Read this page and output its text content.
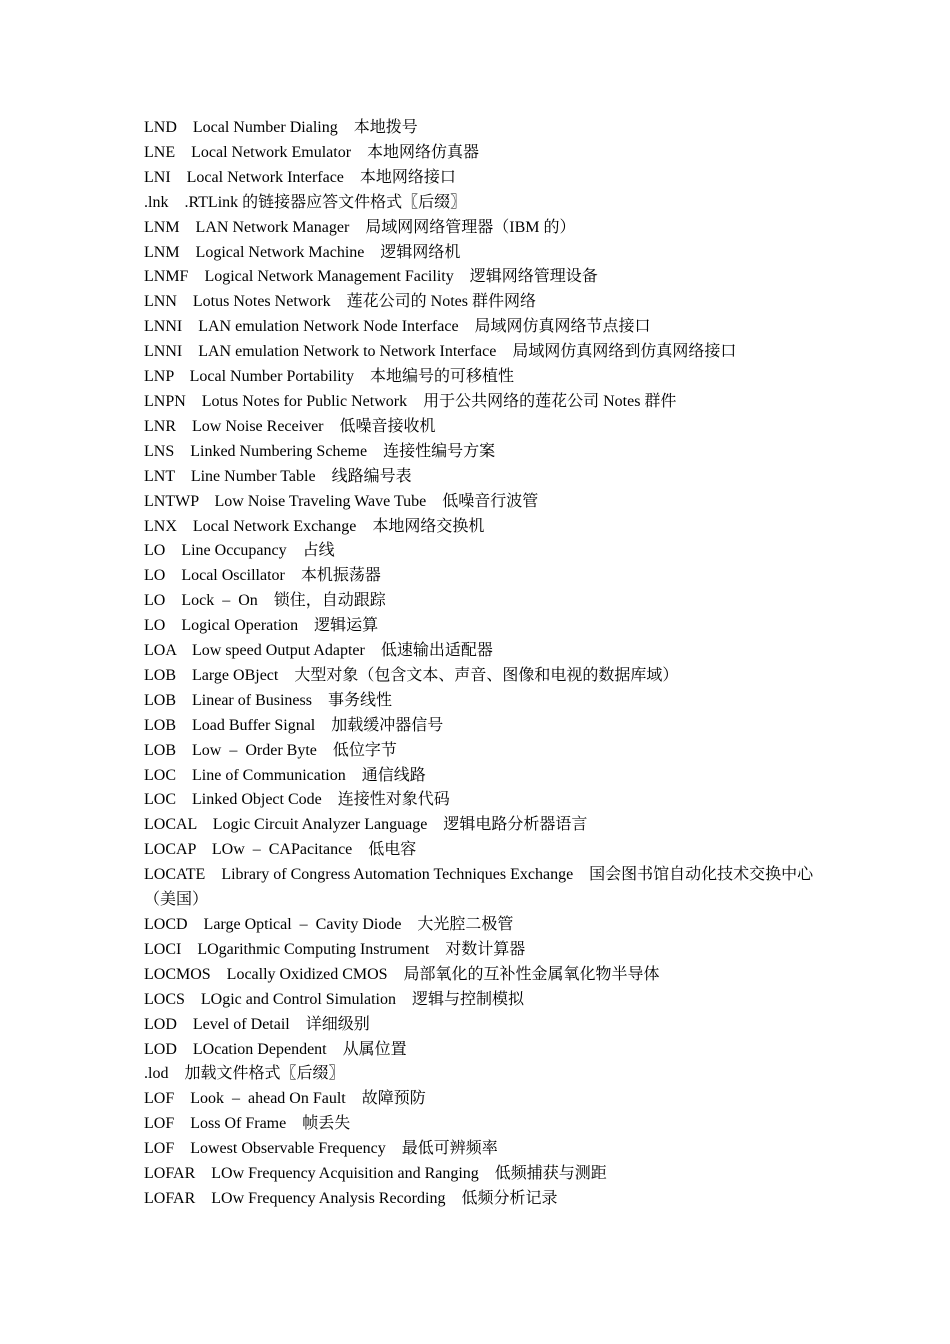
LND    Local Number Dialing    本地拨号
LNE    Local Network Emulator    本地网络仿真器
LNI    Local Network Interface    本地网络接口
.lnk    .RTLink 的链接器应答文件格式〖后缀〗
LNM    LAN Network Manager    局域网网络管理器（IBM 的）
LNM    Logical Network Machine    逻辑网络机
LNMF    Logical Network Management Facility    逻辑网络管理设备
LNN    Lotus Notes Network    莲花公司的 Notes 群件网络
LNNI    LAN emulation Network Node Interface    局域网仿真网络节点接口
LNNI    LAN emulation Network to Network Interface    局域网仿真网络到仿真网络接口
LNP    Local Number Portability    本地编号的可移植性
LNPN    Lotus Notes for Public Network    用于公共网络的莲花公司 Notes 群件
LNR    Low Noise Receiver    低噪音接收机
LNS    Linked Numbering Scheme    连接性编号方案
LNT    Line Number Table    线路编号表
LNTWP    Low Noise Traveling Wave Tube    低噪音行波管
LNX    Local Network Exchange    本地网络交换机
LO    Line Occupancy    占线
LO    Local Oscillator    本机振荡器
LO    Lock  –  On    锁住，自动跟踪
LO    Logical Operation    逻辑运算
LOA    Low speed Output Adapter    低速输出适配器
LOB    Large OBject    大型对象（包含文本、声音、图像和电视的数据库域）
LOB    Linear of Business    事务线性
LOB    Load Buffer Signal    加载缓冲器信号
LOB    Low  –  Order Byte    低位字节
LOC    Line of Communication    通信线路
LOC    Linked Object Code    连接性对象代码
LOCAL    Logic Circuit Analyzer Language    逻辑电路分析器语言
LOCAP    LOw  –  CAPacitance    低电容
LOCATE    Library of Congress Automation Techniques Exchange    国会图书馆自动化技术交换中心（美国）
LOCD    Large Optical  –  Cavity Diode    大光腔二极管
LOCI    LOgarithmic Computing Instrument    对数计算器
LOCMOS    Locally Oxidized CMOS    局部氧化的互补性金属氧化物半导体
LOCS    LOgic and Control Simulation    逻辑与控制模拟
LOD    Level of Detail    详细级别
LOD    LOcation Dependent    从属位置
.lod    加载文件格式〖后缀〗
LOF    Look  –  ahead On Fault    故障预防
LOF    Loss Of Frame    帧丢失
LOF    Lowest Observable Frequency    最低可辨频率
LOFAR    LOw Frequency Acquisition and Ranging    低频捕获与测距
LOFAR    LOw Frequency Analysis Recording    低频分析记录
